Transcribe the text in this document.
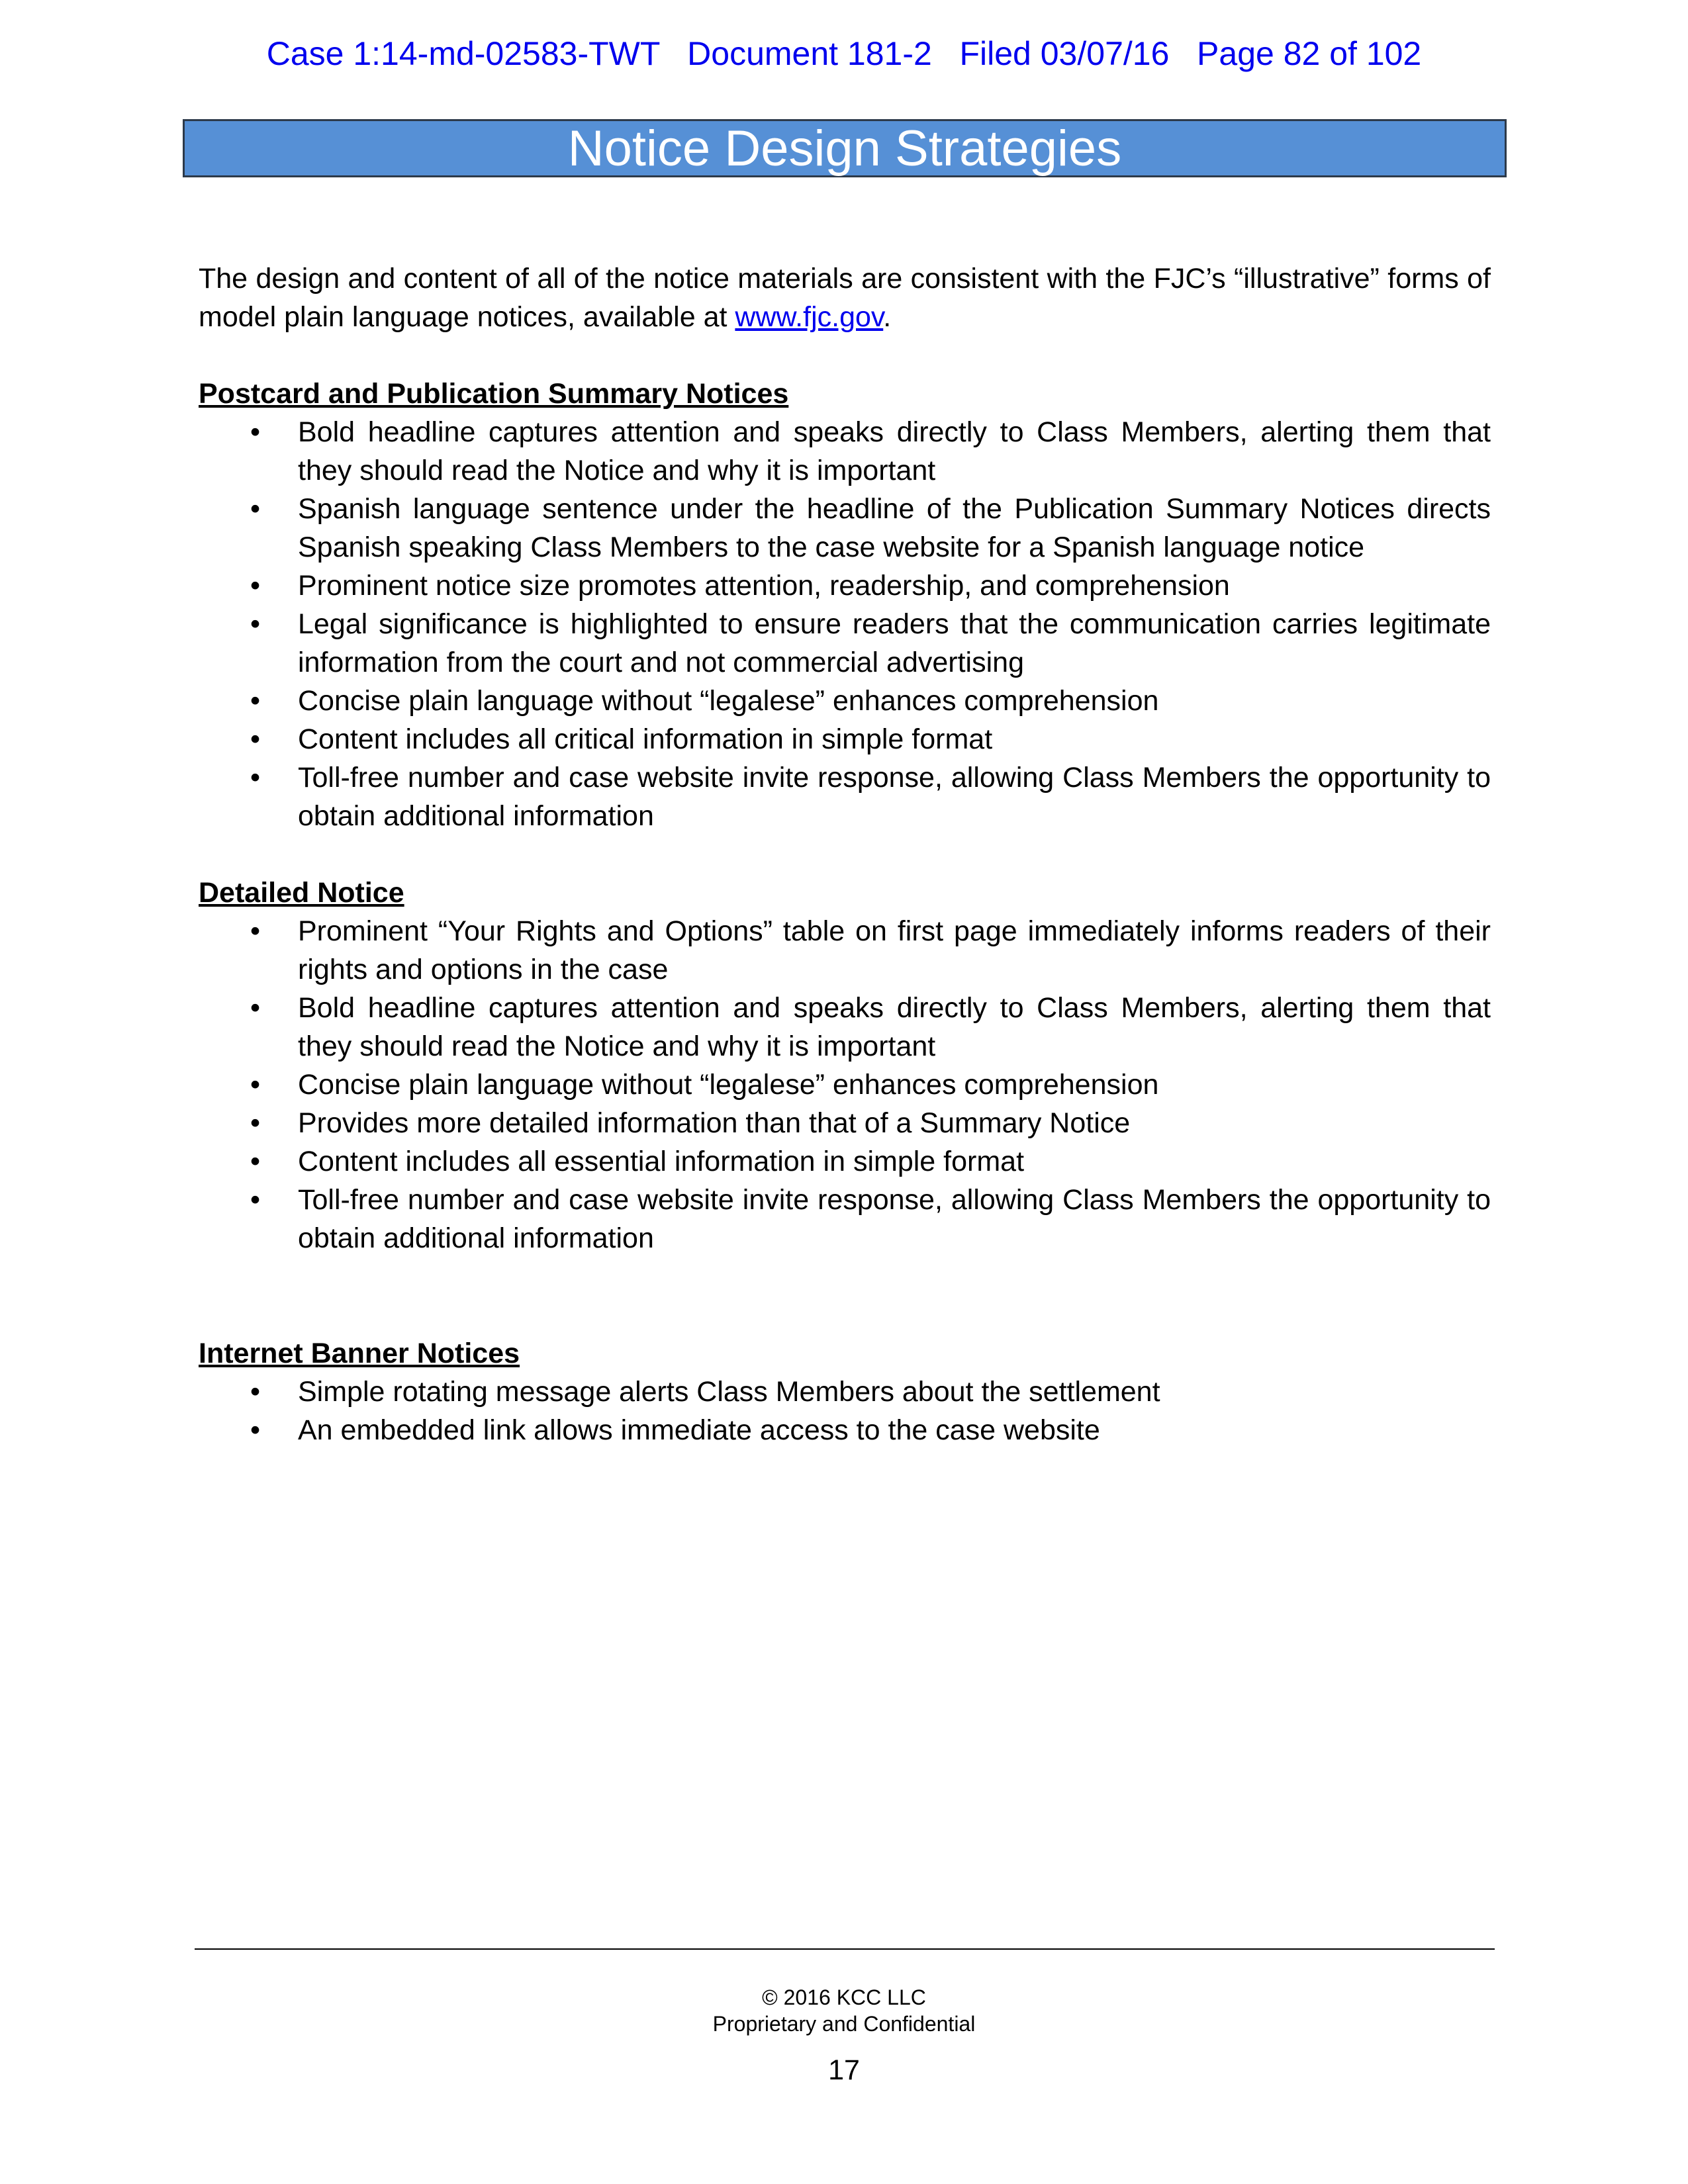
Case 1:14-md-02583-TWT   Document 181-2   Filed 03/07/16   Page 82 of 102
Notice Design Strategies

The design and content of all of the notice materials are consistent with the FJC’s “illustrative” forms of model plain language notices, available at www.fjc.gov.

Postcard and Publication Summary Notices
• Bold headline captures attention and speaks directly to Class Members, alerting them that they should read the Notice and why it is important
• Spanish language sentence under the headline of the Publication Summary Notices directs Spanish speaking Class Members to the case website for a Spanish language notice
• Prominent notice size promotes attention, readership, and comprehension
• Legal significance is highlighted to ensure readers that the communication carries legitimate information from the court and not commercial advertising
• Concise plain language without “legalese” enhances comprehension
• Content includes all critical information in simple format
• Toll-free number and case website invite response, allowing Class Members the opportunity to obtain additional information
Detailed Notice
• Prominent “Your Rights and Options” table on first page immediately informs readers of their rights and options in the case
• Bold headline captures attention and speaks directly to Class Members, alerting them that they should read the Notice and why it is important
• Concise plain language without “legalese” enhances comprehension
• Provides more detailed information than that of a Summary Notice
• Content includes all essential information in simple format
• Toll-free number and case website invite response, allowing Class Members the opportunity to obtain additional information
Internet Banner Notices
• Simple rotating message alerts Class Members about the settlement
• An embedded link allows immediate access to the case website
© 2016 KCC LLC
Proprietary and Confidential
17
